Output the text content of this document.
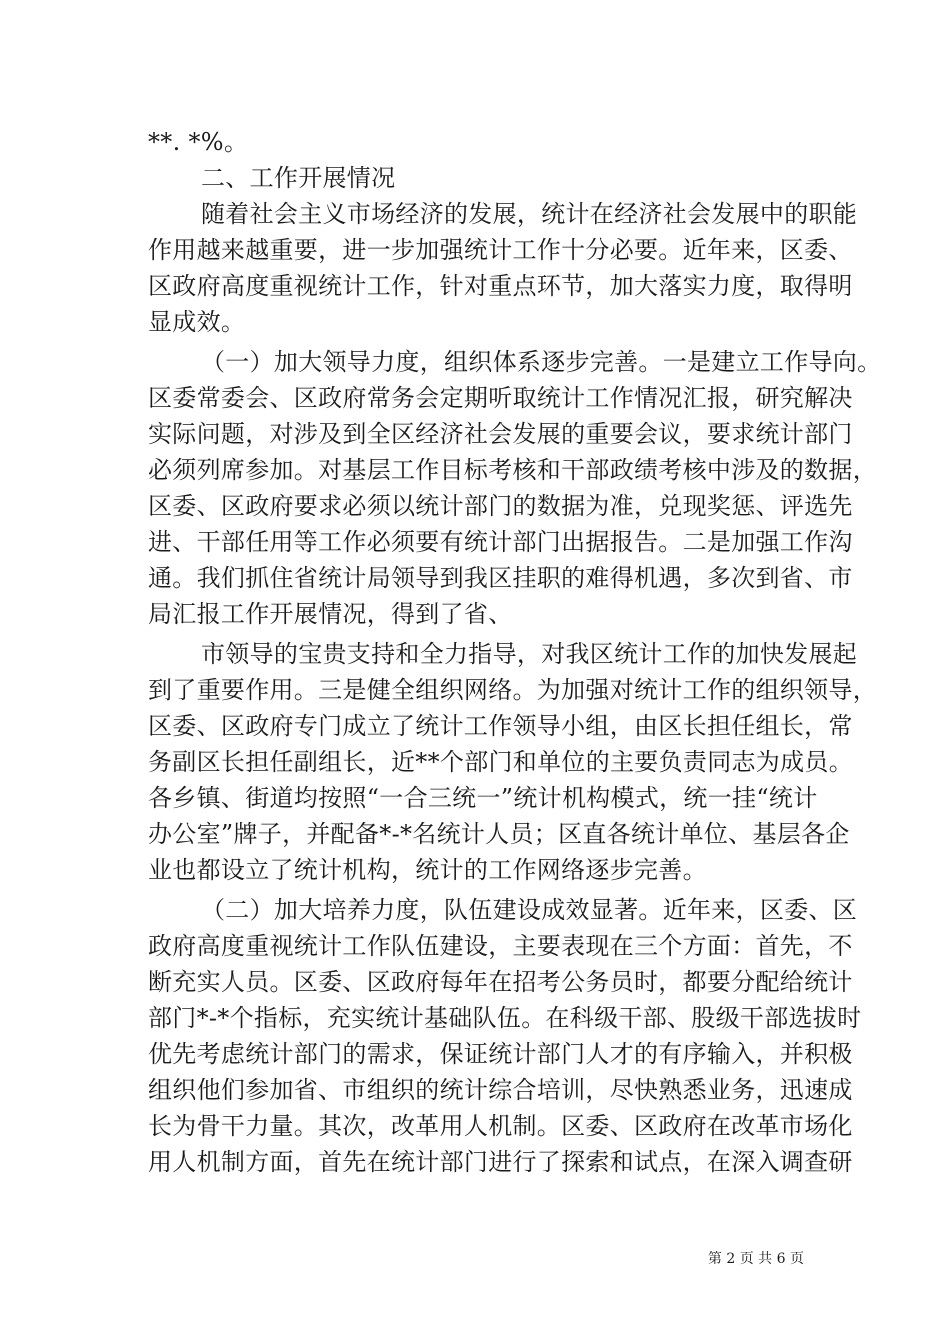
**. *%。
二、工作开展情况
随着社会主义市场经济的发展，统计在经济社会发展中的职能
作用越来越重要，进一步加强统计工作十分必要。近年来，区委、
区政府高度重视统计工作，针对重点环节，加大落实力度，取得明
显成效。
（一）加大领导力度，组织体系逐步完善。一是建立工作导向。
区委常委会、区政府常务会定期听取统计工作情况汇报，研究解决
实际问题，对涉及到全区经济社会发展的重要会议，要求统计部门
必须列席参加。对基层工作目标考核和干部政绩考核中涉及的数据，
区委、区政府要求必须以统计部门的数据为准，兑现奖惩、评选先
进、干部任用等工作必须要有统计部门出据报告。二是加强工作沟
通。我们抓住省统计局领导到我区挂职的难得机遇，多次到省、市
局汇报工作开展情况，得到了省、
市领导的宝贵支持和全力指导，对我区统计工作的加快发展起
到了重要作用。三是健全组织网络。为加强对统计工作的组织领导，
区委、区政府专门成立了统计工作领导小组，由区长担任组长，常
务副区长担任副组长，近**个部门和单位的主要负责同志为成员。
各乡镇、街道均按照“一合三统一”统计机构模式，统一挂“统计
办公室”牌子，并配备*-*名统计人员；区直各统计单位、基层各企
业也都设立了统计机构，统计的工作网络逐步完善。
（二）加大培养力度，队伍建设成效显著。近年来，区委、区
政府高度重视统计工作队伍建设，主要表现在三个方面：首先，不
断充实人员。区委、区政府每年在招考公务员时，都要分配给统计
部门*-*个指标，充实统计基础队伍。在科级干部、股级干部选拔时
优先考虑统计部门的需求，保证统计部门人才的有序输入，并积极
组织他们参加省、市组织的统计综合培训，尽快熟悉业务，迅速成
长为骨干力量。其次，改革用人机制。区委、区政府在改革市场化
用人机制方面，首先在统计部门进行了探索和试点，在深入调查研
第 2 页 共 6 页
